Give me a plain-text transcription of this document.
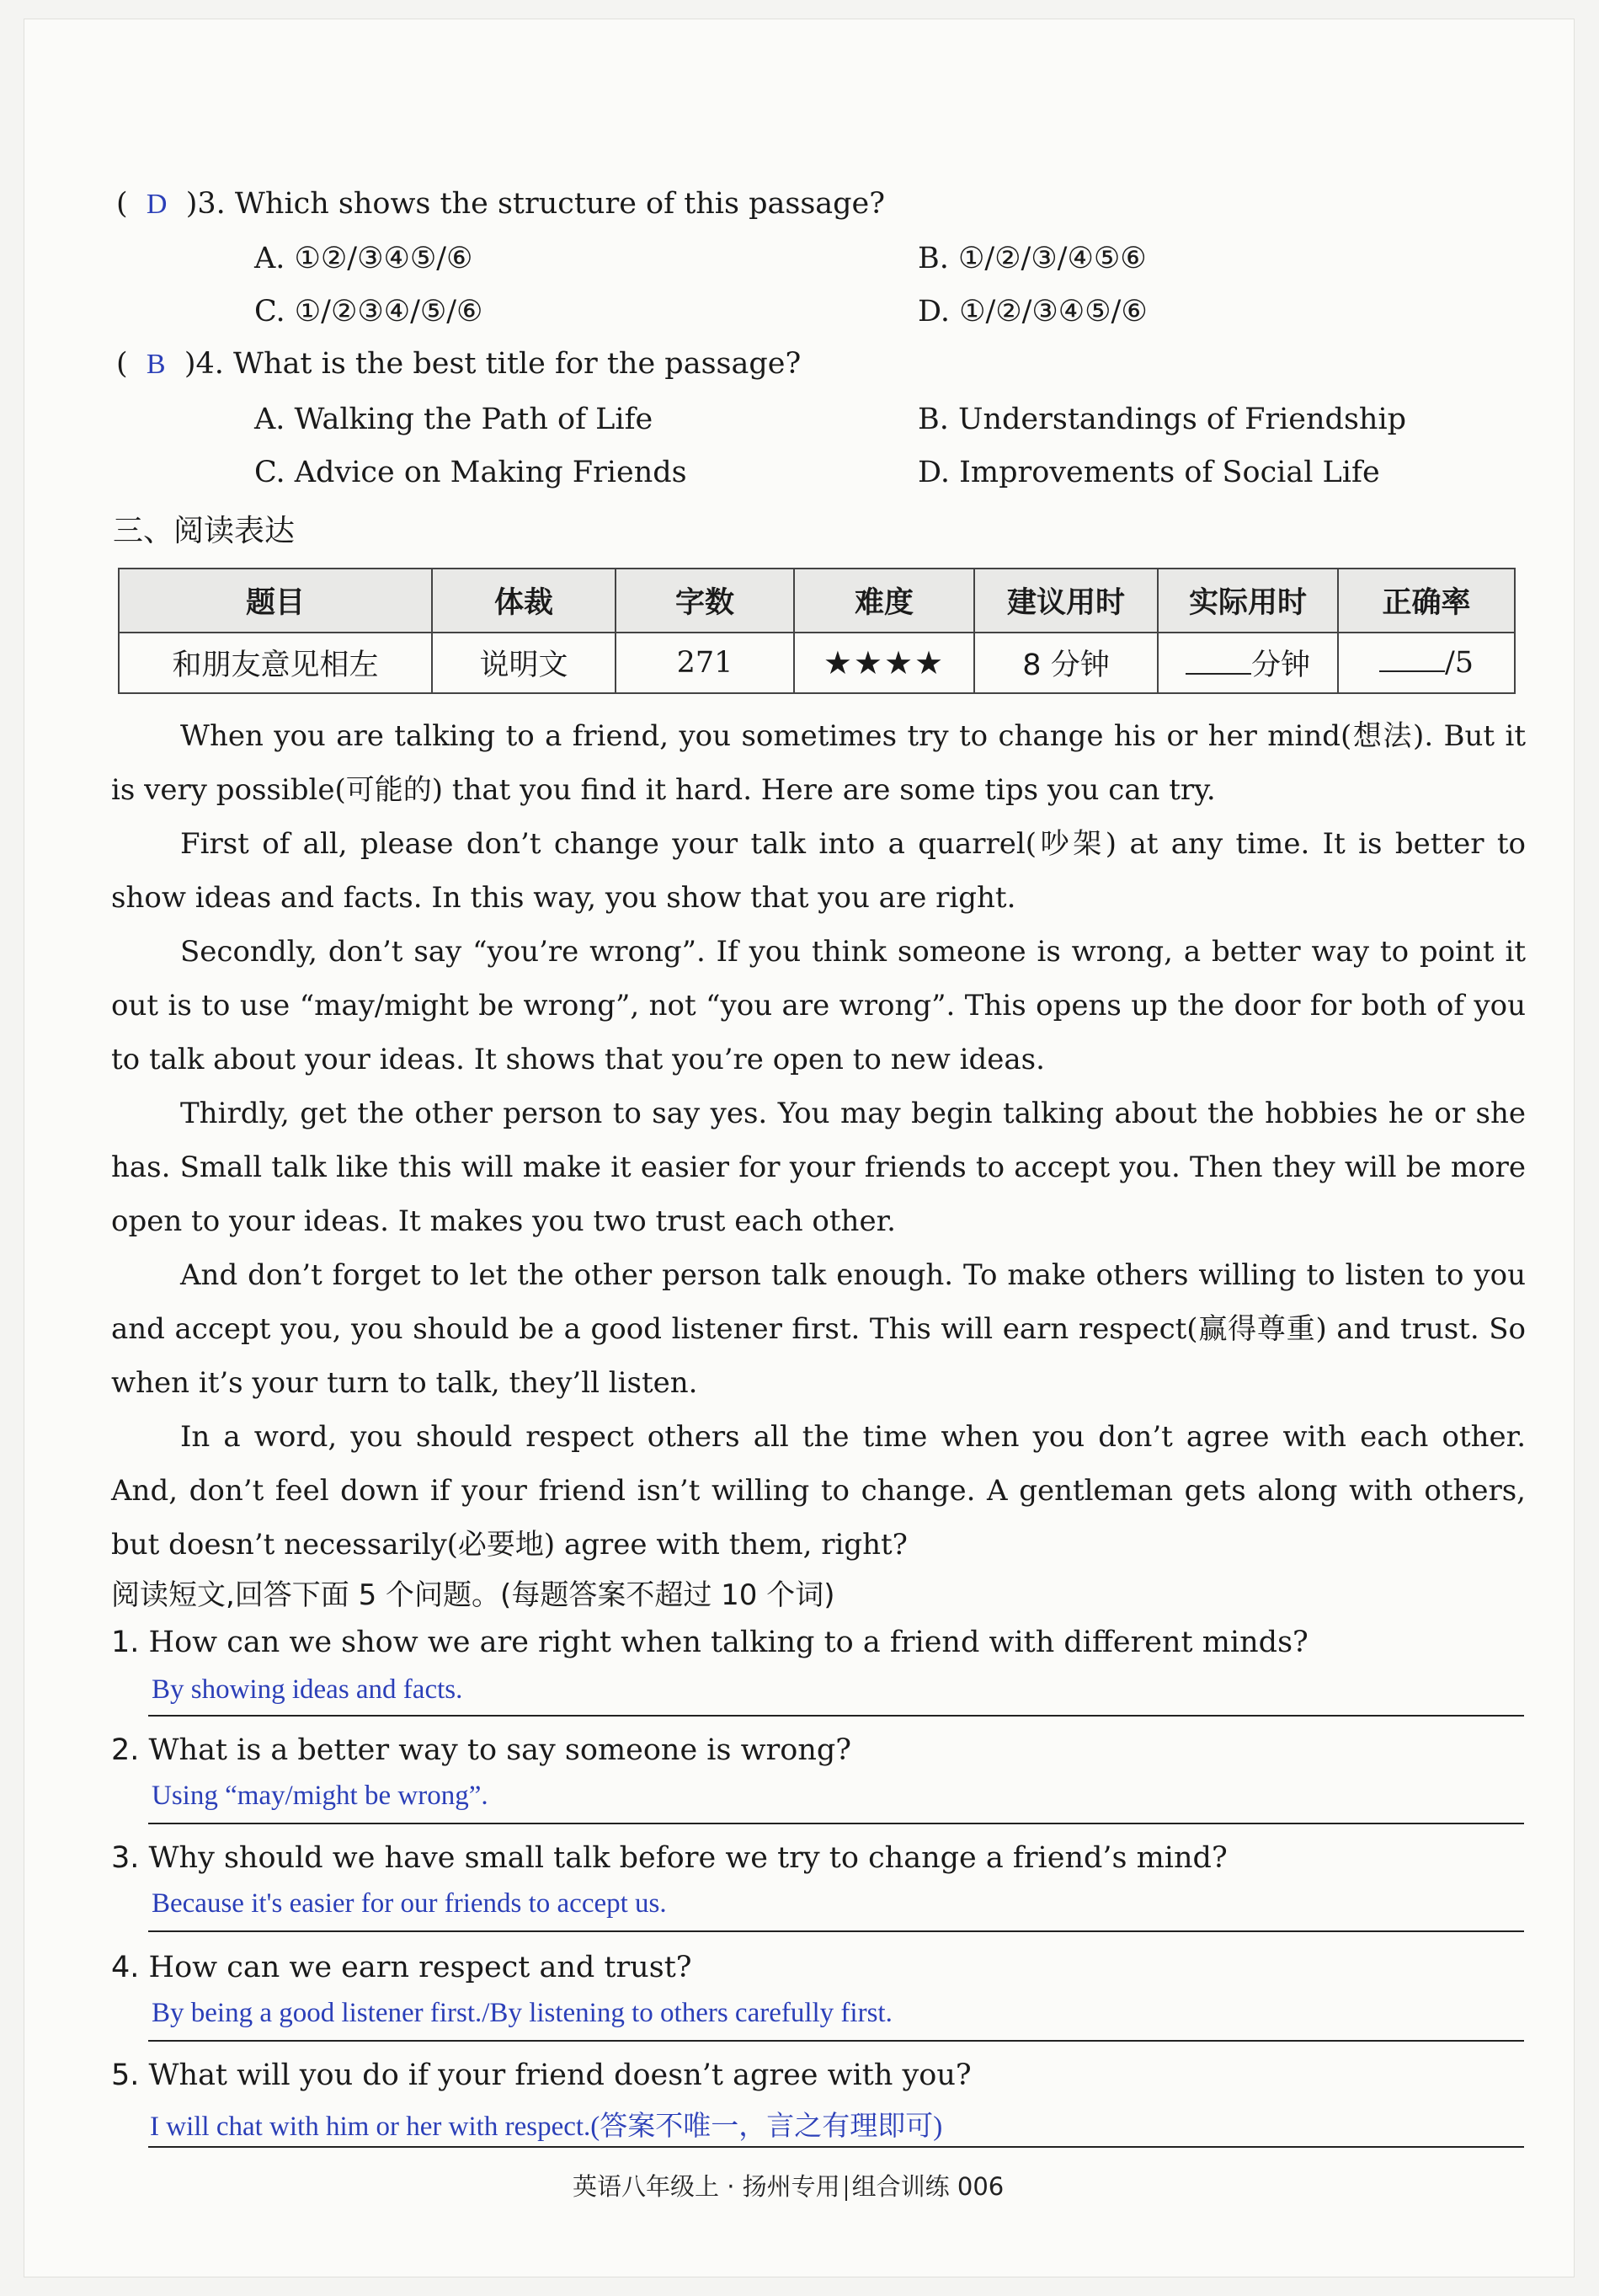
(  D  )3. Which shows the structure of this passage?
A. ①②/③④⑤/⑥	B. ①/②/③/④⑤⑥
C. ①/②③④/⑤/⑥	D. ①/②/③④⑤/⑥
(  B  )4. What is the best title for the passage?
A. Walking the Path of Life	B. Understandings of Friendship
C. Advice on Making Friends	D. Improvements of Social Life
三、阅读表达
题目	体裁	字数	难度	建议用时	实际用时	正确率
和朋友意见相左	说明文	271	★★★★	8 分钟	分钟	/5

When you are talking to a friend, you sometimes try to change his or her mind(想法). But it is very possible(可能的) that you find it hard. Here are some tips you can try.

First of all, please don’t change your talk into a quarrel(吵架) at any time. It is better to show ideas and facts. In this way, you show that you are right.

Secondly, don’t say “you’re wrong”. If you think someone is wrong, a better way to point it out is to use “may/might be wrong”, not “you are wrong”. This opens up the door for both of you to talk about your ideas. It shows that you’re open to new ideas.

Thirdly, get the other person to say yes. You may begin talking about the hobbies he or she has. Small talk like this will make it easier for your friends to accept you. Then they will be more open to your ideas. It makes you two trust each other.

And don’t forget to let the other person talk enough. To make others willing to listen to you and accept you, you should be a good listener first. This will earn respect(赢得尊重) and trust. So when it’s your turn to talk, they’ll listen.

In a word, you should respect others all the time when you don’t agree with each other. And, don’t feel down if your friend isn’t willing to change. A gentleman gets along with others, but doesn’t necessarily(必要地) agree with them, right?

阅读短文,回答下面 5 个问题。(每题答案不超过 10 个词)
1. How can we show we are right when talking to a friend with different minds?
By showing ideas and facts.
2. What is a better way to say someone is wrong?
Using “may/might be wrong”.
3. Why should we have small talk before we try to change a friend’s mind?
Because it's easier for our friends to accept us.
4. How can we earn respect and trust?
By being a good listener first./By listening to others carefully first.
5. What will you do if your friend doesn’t agree with you?
I will chat with him or her with respect.(答案不唯一，言之有理即可)
英语八年级上 · 扬州专用 组合训练 006
